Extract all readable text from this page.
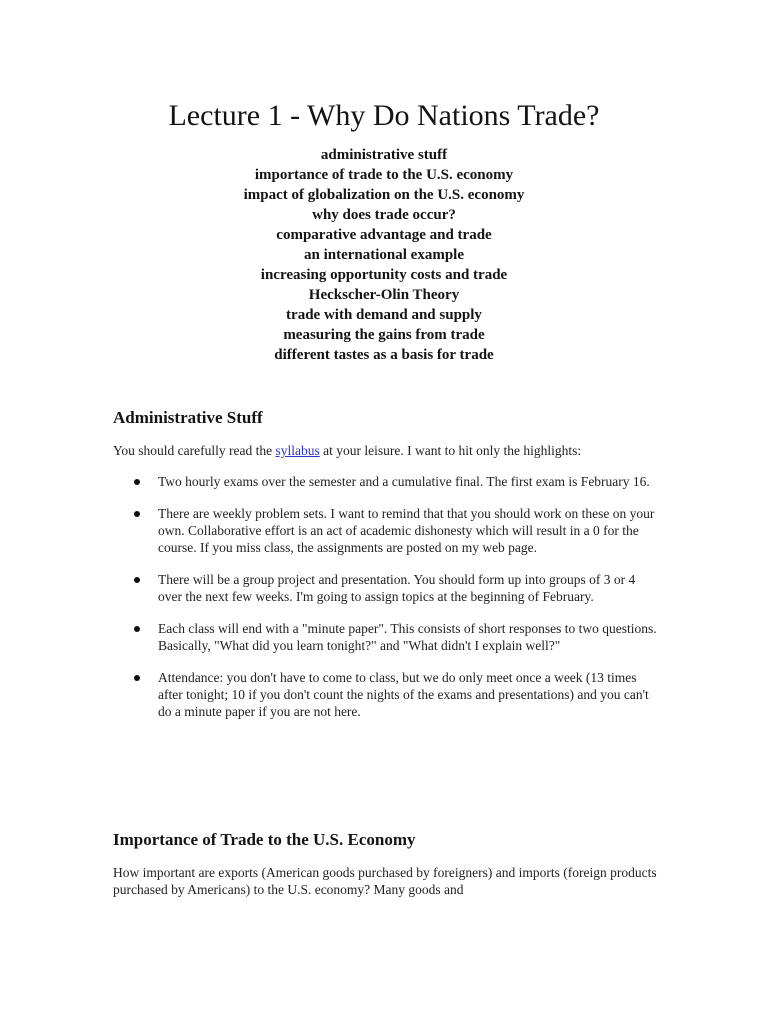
Lecture 1 - Why Do Nations Trade?
administrative stuff
importance of trade to the U.S. economy
impact of globalization on the U.S. economy
why does trade occur?
comparative advantage and trade
an international example
increasing opportunity costs and trade
Heckscher-Olin Theory
trade with demand and supply
measuring the gains from trade
different tastes as a basis for trade
Administrative Stuff

You should carefully read the syllabus at your leisure. I want to hit only the highlights:

Two hourly exams over the semester and a cumulative final. The first exam is February 16.
There are weekly problem sets. I want to remind that that you should work on these on your own. Collaborative effort is an act of academic dishonesty which will result in a 0 for the course. If you miss class, the assignments are posted on my web page.
There will be a group project and presentation. You should form up into groups of 3 or 4 over the next few weeks. I'm going to assign topics at the beginning of February.
Each class will end with a "minute paper". This consists of short responses to two questions. Basically, "What did you learn tonight?" and "What didn't I explain well?"
Attendance: you don't have to come to class, but we do only meet once a week (13 times after tonight; 10 if you don't count the nights of the exams and presentations) and you can't do a minute paper if you are not here.
Importance of Trade to the U.S. Economy

How important are exports (American goods purchased by foreigners) and imports (foreign products purchased by Americans) to the U.S. economy? Many goods and
